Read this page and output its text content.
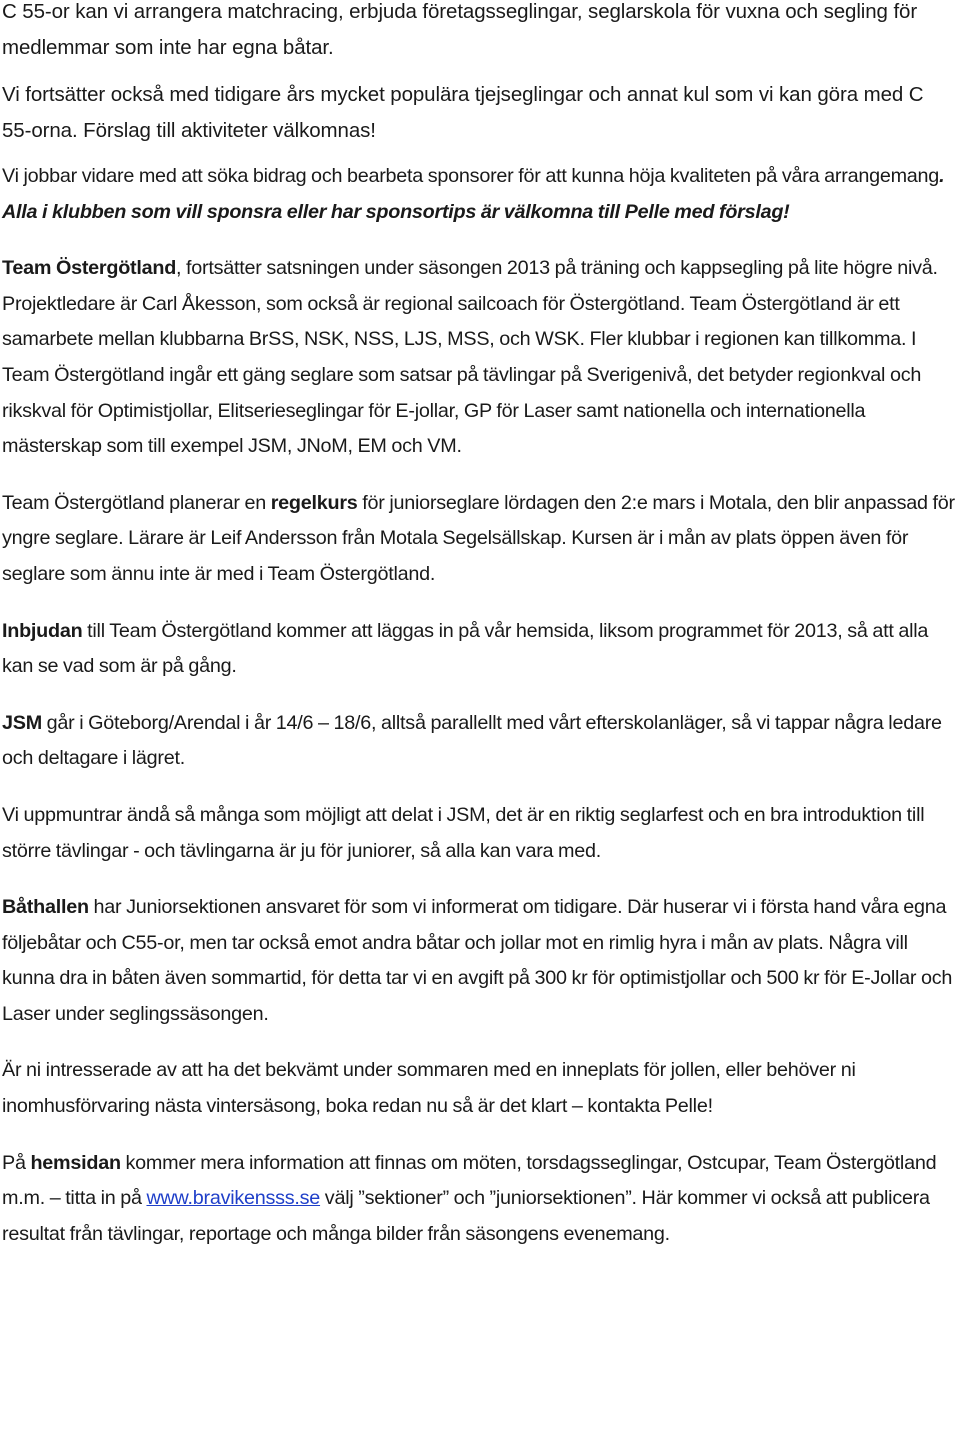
C 55-or kan vi arrangera matchracing, erbjuda företagsseglingar, seglarskola för vuxna och segling för medlemmar som inte har egna båtar.

Vi fortsätter också med tidigare års mycket populära tjejseglingar och annat kul som vi kan göra med C 55-orna. Förslag till aktiviteter välkomnas!

Vi jobbar vidare med att söka bidrag och bearbeta sponsorer för att kunna höja kvaliteten på våra arrangemang. Alla i klubben som vill sponsra eller har sponsortips är välkomna till Pelle med förslag!

Team Östergötland, fortsätter satsningen under säsongen 2013 på träning och kappsegling på lite högre nivå. Projektledare är Carl Åkesson, som också är regional sailcoach för Östergötland. Team Östergötland är ett samarbete mellan klubbarna BrSS, NSK, NSS, LJS, MSS, och WSK. Fler klubbar i regionen kan tillkomma. I Team Östergötland ingår ett gäng seglare som satsar på tävlingar på Sverigenivå, det betyder regionkval och rikskval för Optimistjollar, Elitserieseglingar för E-jollar, GP för Laser samt nationella och internationella mästerskap som till exempel JSM, JNoM, EM och VM.

Team Östergötland planerar en regelkurs för juniorseglare lördagen den 2:e mars i Motala, den blir anpassad för yngre seglare. Lärare är Leif Andersson från Motala Segelsällskap. Kursen är i mån av plats öppen även för seglare som ännu inte är med i Team Östergötland.

Inbjudan till Team Östergötland kommer att läggas in på vår hemsida, liksom programmet för 2013, så att alla kan se vad som är på gång.

JSM går i Göteborg/Arendal i år 14/6 – 18/6, alltså parallellt med vårt efterskolanläger, så vi tappar några ledare och deltagare i lägret.

Vi uppmuntrar ändå så många som möjligt att delat i JSM, det är en riktig seglarfest och en bra introduktion till större tävlingar - och tävlingarna är ju för juniorer, så alla kan vara med.

Båthallen har Juniorsektionen ansvaret för som vi informerat om tidigare. Där huserar vi i första hand våra egna följebåtar och C55-or, men tar också emot andra båtar och jollar mot en rimlig hyra i mån av plats. Några vill kunna dra in båten även sommartid, för detta tar vi en avgift på 300 kr för optimistjollar och 500 kr för E-Jollar och Laser under seglingssäsongen.

Är ni intresserade av att ha det bekvämt under sommaren med en inneplats för jollen, eller behöver ni inomhusförvaring nästa vintersäsong, boka redan nu så är det klart – kontakta Pelle!

På hemsidan kommer mera information att finnas om möten, torsdagsseglingar, Ostcupar, Team Östergötland m.m. – titta in på www.bravikensss.se välj ”sektioner” och ”juniorsektionen”. Här kommer vi också att publicera resultat från tävlingar, reportage och många bilder från säsongens evenemang.
